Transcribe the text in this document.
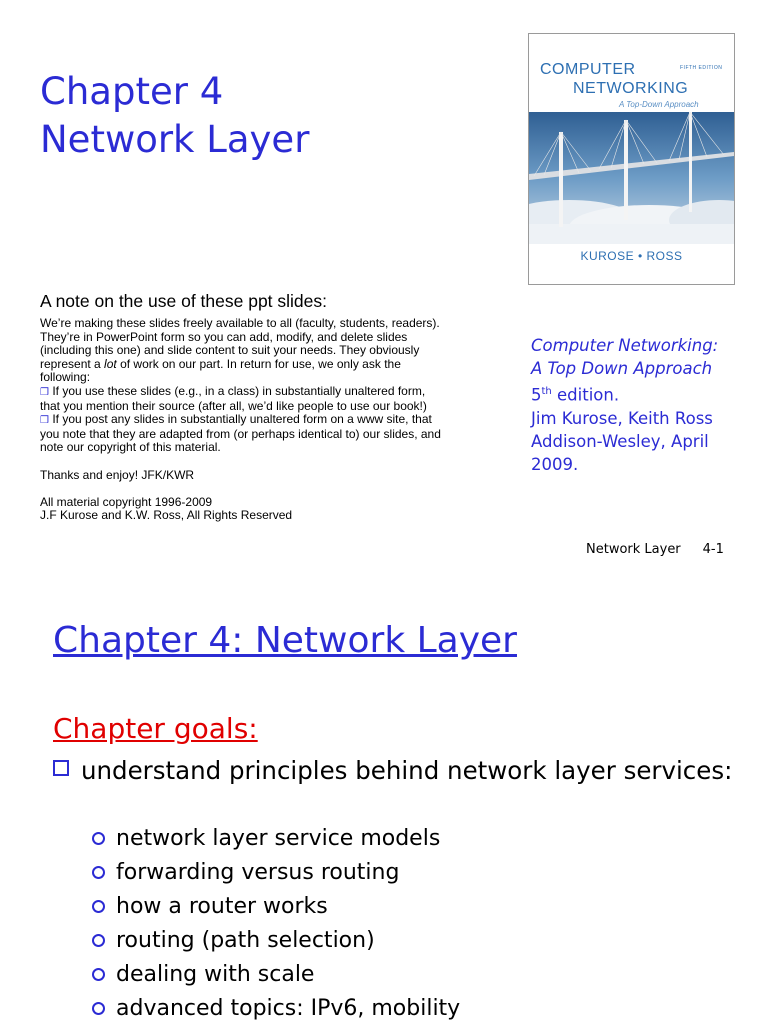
Chapter 4
Network Layer
COMPUTER	FIFTH EDITION
NETWORKING
A Top-Down Approach
KUROSE • ROSS
A note on the use of these ppt slides:
We’re making these slides freely available to all (faculty, students, readers).
They’re in PowerPoint form so you can add, modify, and delete slides
(including this one) and slide content to suit your needs. They obviously
represent a lot of work on our part. In return for use, we only ask the
following:
❒ If you use these slides (e.g., in a class) in substantially unaltered form,
that you mention their source (after all, we’d like people to use our book!)
❒ If you post any slides in substantially unaltered form on a www site, that
you note that they are adapted from (or perhaps identical to) our slides, and
note our copyright of this material.
Thanks and enjoy! JFK/KWR
All material copyright 1996-2009
J.F Kurose and K.W. Ross, All Rights Reserved
Computer Networking:
A Top Down Approach
5th edition.
Jim Kurose, Keith Ross
Addison-Wesley, April
2009.
Network Layer 4-1
Chapter 4: Network Layer
Chapter goals:
understand principles behind network layer services:
network layer service models
forwarding versus routing
how a router works
routing (path selection)
dealing with scale
advanced topics: IPv6, mobility
